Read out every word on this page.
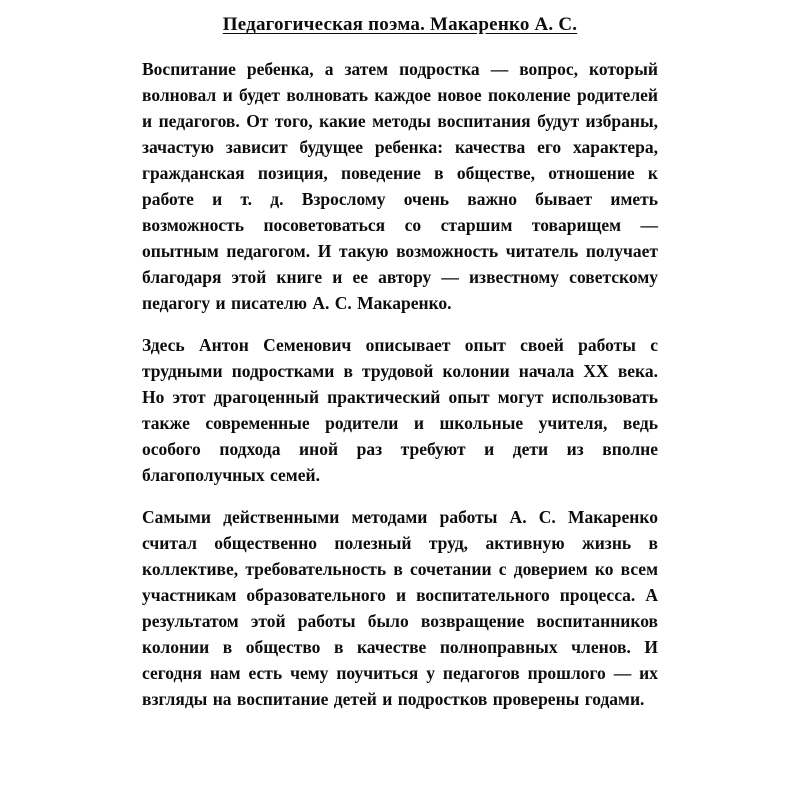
Педагогическая поэма. Макаренко А. С.

Воспитание ребенка, а затем подростка — вопрос, который волновал и будет волновать каждое новое поколение родителей и педагогов. От того, какие методы воспитания будут избраны, зачастую зависит будущее ребенка: качества его характера, гражданская позиция, поведение в обществе, отношение к работе и т. д. Взрослому очень важно бывает иметь возможность посоветоваться со старшим товарищем — опытным педагогом. И такую возможность читатель получает благодаря этой книге и ее автору — известному советскому педагогу и писателю А. С. Макаренко.

Здесь Антон Семенович описывает опыт своей работы с трудными подростками в трудовой колонии начала XX века. Но этот драгоценный практический опыт могут использовать также современные родители и школьные учителя, ведь особого подхода иной раз требуют и дети из вполне благополучных семей.

Самыми действенными методами работы А. С. Макаренко считал общественно полезный труд, активную жизнь в коллективе, требовательность в сочетании с доверием ко всем участникам образовательного и воспитательного процесса. А результатом этой работы было возвращение воспитанников колонии в общество в качестве полноправных членов. И сегодня нам есть чему поучиться у педагогов прошлого — их взгляды на воспитание детей и подростков проверены годами.
